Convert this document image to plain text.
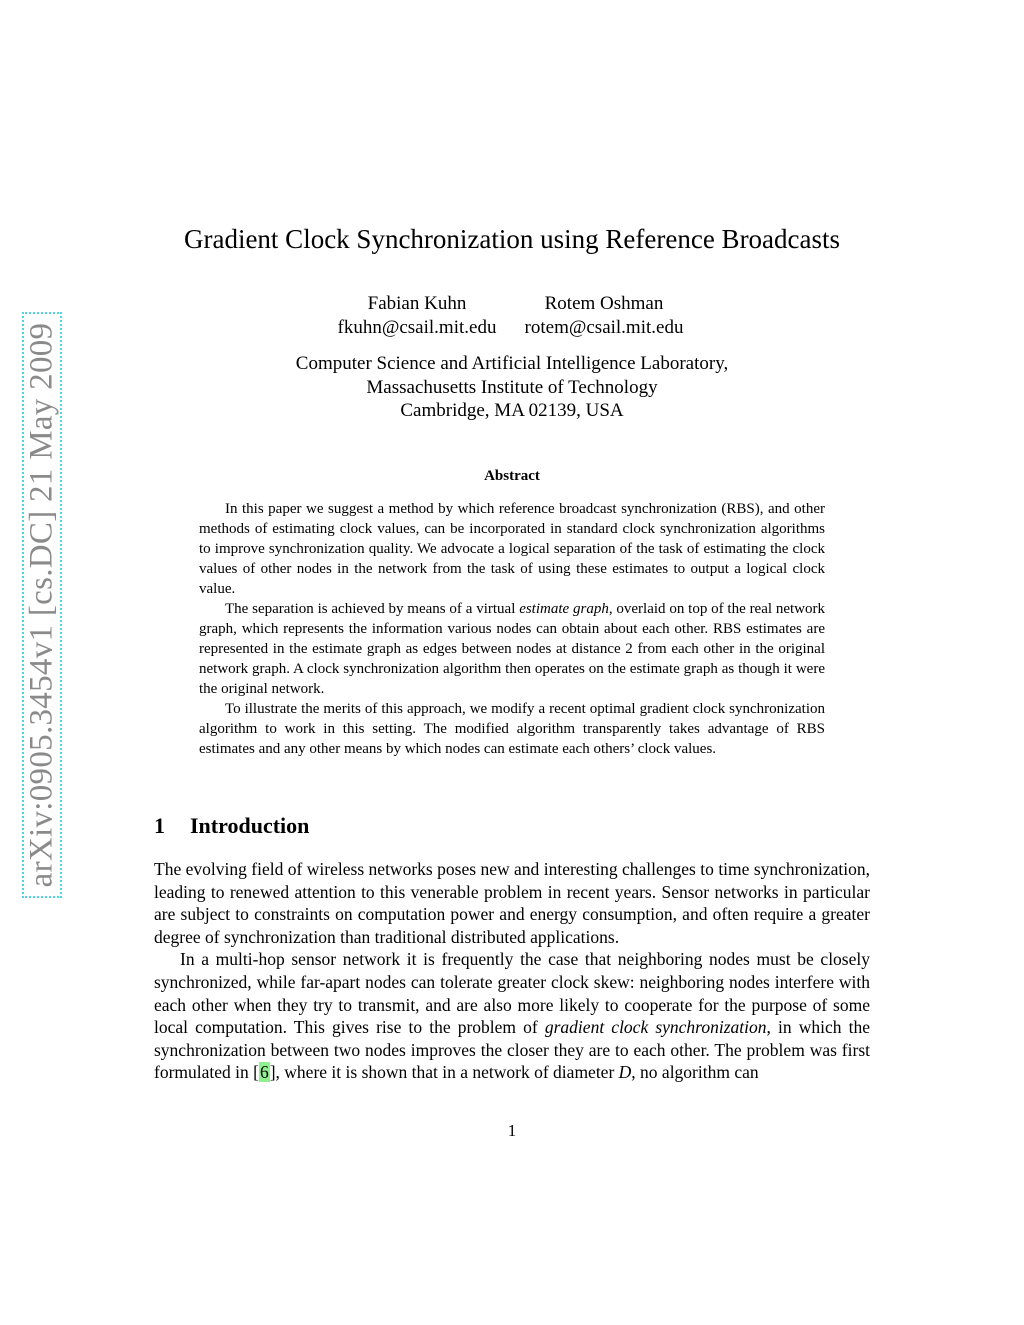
arXiv:0905.3454v1 [cs.DC] 21 May 2009
Gradient Clock Synchronization using Reference Broadcasts
Fabian Kuhn
fkuhn@csail.mit.edu
Rotem Oshman
rotem@csail.mit.edu
Computer Science and Artificial Intelligence Laboratory,
Massachusetts Institute of Technology
Cambridge, MA 02139, USA
Abstract

In this paper we suggest a method by which reference broadcast synchronization (RBS), and other methods of estimating clock values, can be incorporated in standard clock synchronization algorithms to improve synchronization quality. We advocate a logical separation of the task of estimating the clock values of other nodes in the network from the task of using these estimates to output a logical clock value.

The separation is achieved by means of a virtual estimate graph, overlaid on top of the real network graph, which represents the information various nodes can obtain about each other. RBS estimates are represented in the estimate graph as edges between nodes at distance 2 from each other in the original network graph. A clock synchronization algorithm then operates on the estimate graph as though it were the original network.

To illustrate the merits of this approach, we modify a recent optimal gradient clock synchronization algorithm to work in this setting. The modified algorithm transparently takes advantage of RBS estimates and any other means by which nodes can estimate each others’ clock values.

1 Introduction

The evolving field of wireless networks poses new and interesting challenges to time synchronization, leading to renewed attention to this venerable problem in recent years. Sensor networks in particular are subject to constraints on computation power and energy consumption, and often require a greater degree of synchronization than traditional distributed applications.

In a multi-hop sensor network it is frequently the case that neighboring nodes must be closely synchronized, while far-apart nodes can tolerate greater clock skew: neighboring nodes interfere with each other when they try to transmit, and are also more likely to cooperate for the purpose of some local computation. This gives rise to the problem of gradient clock synchronization, in which the synchronization between two nodes improves the closer they are to each other. The problem was first formulated in [6], where it is shown that in a network of diameter D, no algorithm can

1
